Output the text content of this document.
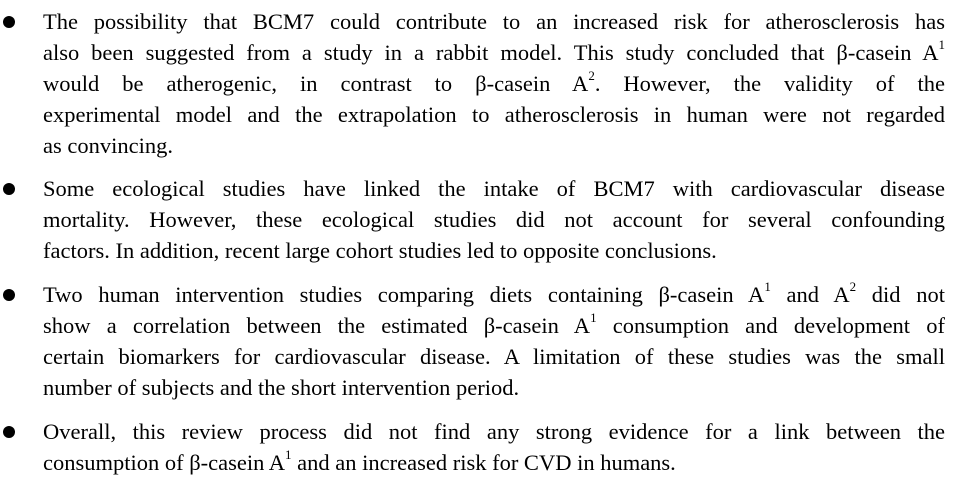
The possibility that BCM7 could contribute to an increased risk for atherosclerosis has
also been suggested from a study in a rabbit model. This study concluded that β-casein $A^1$
would be atherogenic, in contrast to β-casein $A^2$. However, the validity of the
experimental model and the extrapolation to atherosclerosis in human were not regarded
as convincing.
Some ecological studies have linked the intake of BCM7 with cardiovascular disease
mortality. However, these ecological studies did not account for several confounding
factors. In addition, recent large cohort studies led to opposite conclusions.
Two human intervention studies comparing diets containing β-casein $A^1$ and $A^2$ did not
show a correlation between the estimated β-casein $A^1$ consumption and development of
certain biomarkers for cardiovascular disease. A limitation of these studies was the small
number of subjects and the short intervention period.
Overall, this review process did not find any strong evidence for a link between the
consumption of β-casein $A^1$ and an increased risk for CVD in humans.
